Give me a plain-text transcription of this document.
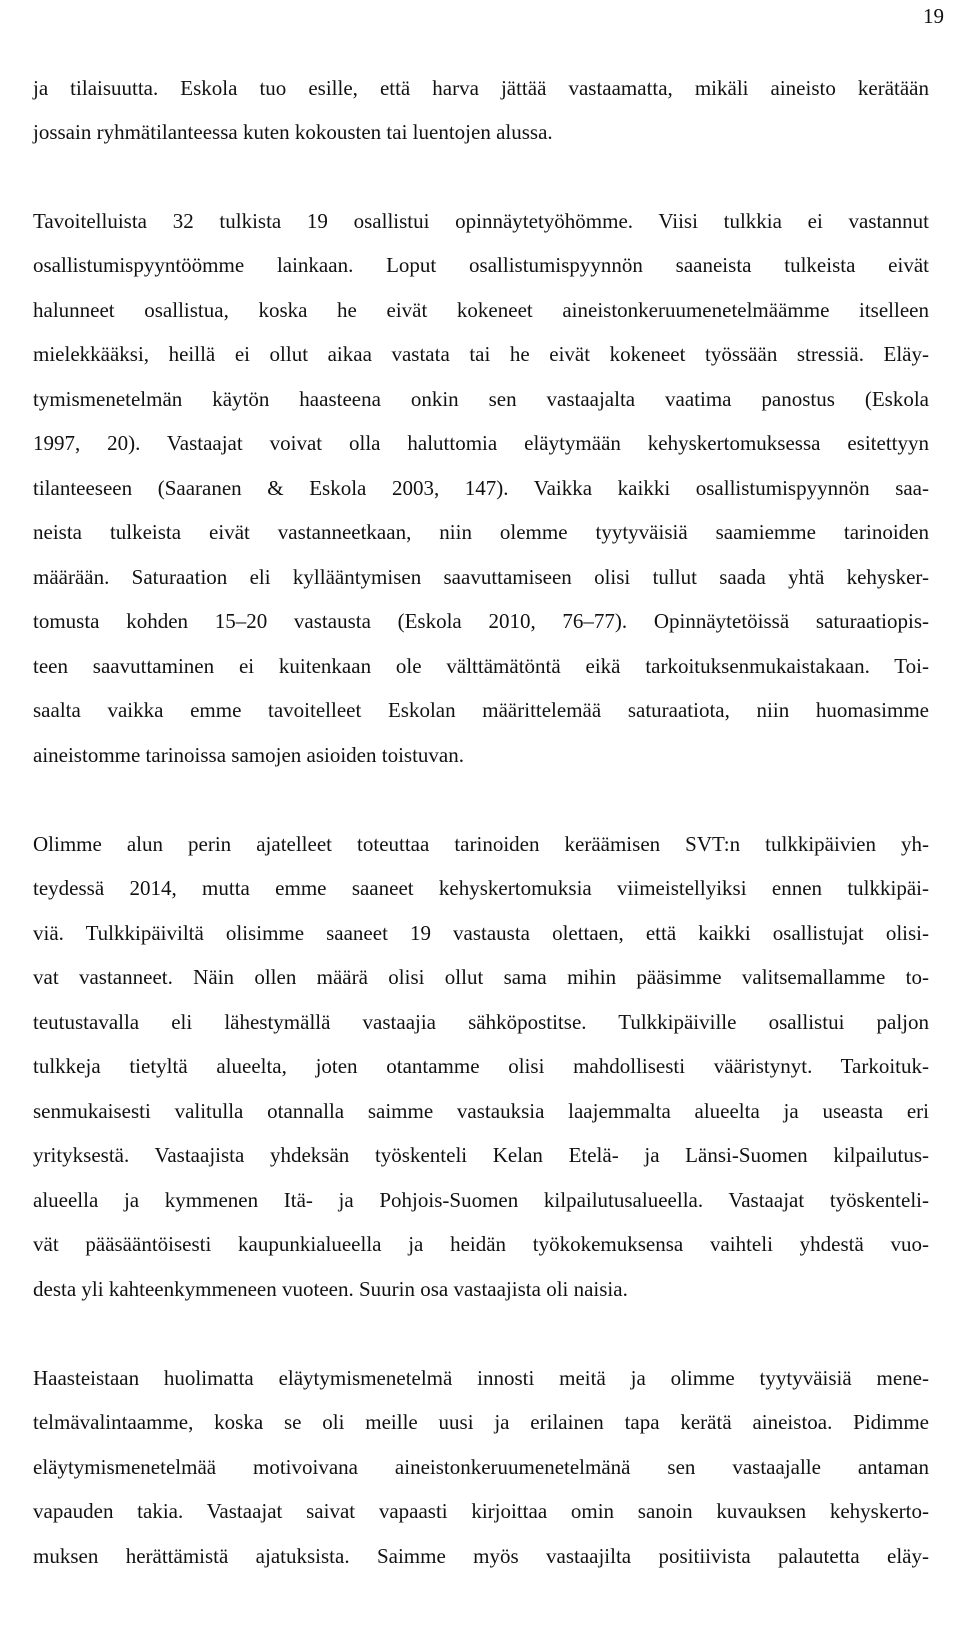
19
ja tilaisuutta. Eskola tuo esille, että harva jättää vastaamatta, mikäli aineisto kerätään
jossain ryhmätilanteessa kuten kokousten tai luentojen alussa.
Tavoitelluista 32 tulkista 19 osallistui opinnäytetyöhömme. Viisi tulkkia ei vastannut
osallistumispyyntöömme lainkaan. Loput osallistumispyynnön saaneista tulkeista eivät
halunneet osallistua, koska he eivät kokeneet aineistonkeruumenetelmäämme itselleen
mielekkääksi, heillä ei ollut aikaa vastata tai he eivät kokeneet työssään stressiä. Eläy-
tymismenetelmän käytön haasteena onkin sen vastaajalta vaatima panostus (Eskola
1997, 20). Vastaajat voivat olla haluttomia eläytymään kehyskertomuksessa esitettyyn
tilanteeseen (Saaranen & Eskola 2003, 147). Vaikka kaikki osallistumispyynnön saa-
neista tulkeista eivät vastanneetkaan, niin olemme tyytyväisiä saamiemme tarinoiden
määrään. Saturaation eli kyllääntymisen saavuttamiseen olisi tullut saada yhtä kehysker-
tomusta kohden 15–20 vastausta (Eskola 2010, 76–77). Opinnäytetöissä saturaatiopis-
teen saavuttaminen ei kuitenkaan ole välttämätöntä eikä tarkoituksenmukaistakaan. Toi-
saalta vaikka emme tavoitelleet Eskolan määrittelemää saturaatiota, niin huomasimme
aineistomme tarinoissa samojen asioiden toistuvan.
Olimme alun perin ajatelleet toteuttaa tarinoiden keräämisen SVT:n tulkkipäivien yh-
teydessä 2014, mutta emme saaneet kehyskertomuksia viimeistellyiksi ennen tulkkipäi-
viä. Tulkkipäiviltä olisimme saaneet 19 vastausta olettaen, että kaikki osallistujat olisi-
vat vastanneet. Näin ollen määrä olisi ollut sama mihin pääsimme valitsemallamme to-
teutustavalla eli lähestymällä vastaajia sähköpostitse. Tulkkipäiville osallistui paljon
tulkkeja tietyltä alueelta, joten otantamme olisi mahdollisesti vääristynyt. Tarkoituk-
senmukaisesti valitulla otannalla saimme vastauksia laajemmalta alueelta ja useasta eri
yrityksestä. Vastaajista yhdeksän työskenteli Kelan Etelä- ja Länsi-Suomen kilpailutus-
alueella ja kymmenen Itä- ja Pohjois-Suomen kilpailutusalueella. Vastaajat työskenteli-
vät pääsääntöisesti kaupunkialueella ja heidän työkokemuksensa vaihteli yhdestä vuo-
desta yli kahteenkymmeneen vuoteen. Suurin osa vastaajista oli naisia.
Haasteistaan huolimatta eläytymismenetelmä innosti meitä ja olimme tyytyväisiä mene-
telmävalintaamme, koska se oli meille uusi ja erilainen tapa kerätä aineistoa. Pidimme
eläytymismenetelmää motivoivana aineistonkeruumenetelmänä sen vastaajalle antaman
vapauden takia. Vastaajat saivat vapaasti kirjoittaa omin sanoin kuvauksen kehyskerto-
muksen herättämistä ajatuksista. Saimme myös vastaajilta positiivista palautetta eläy-
